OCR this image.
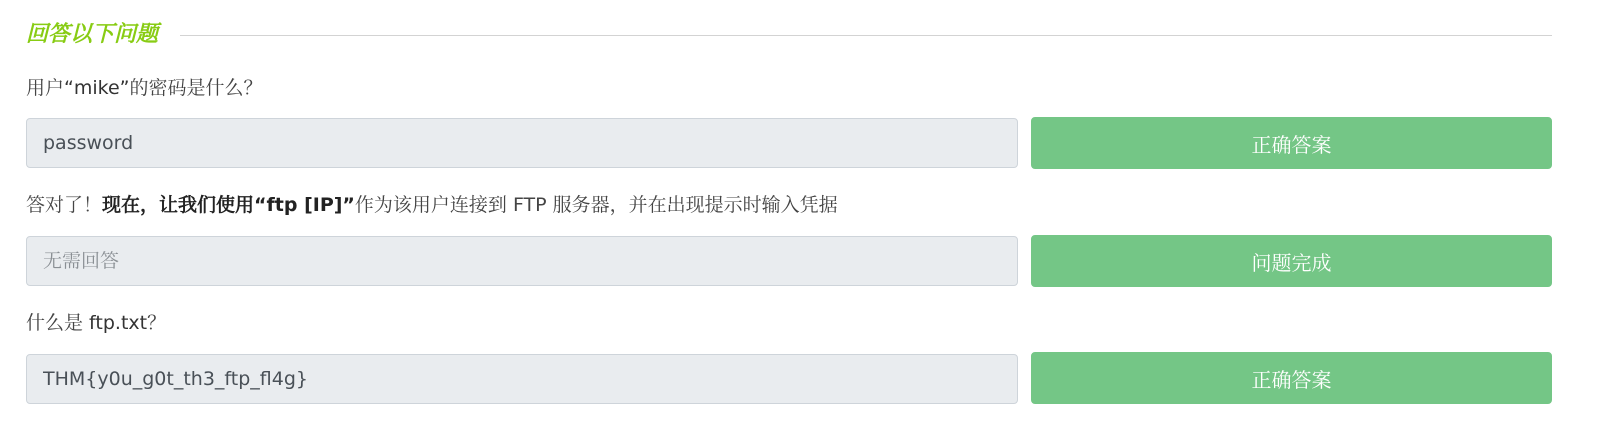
回答以下问题
用户“mike”的密码是什么？
password
正确答案
答对了！现在，让我们使用“ftp [IP]”作为该用户连接到 FTP 服务器，并在出现提示时输入凭据
无需回答
问题完成
什么是 ftp.txt？
THM{y0u_g0t_th3_ftp_fl4g}
正确答案
